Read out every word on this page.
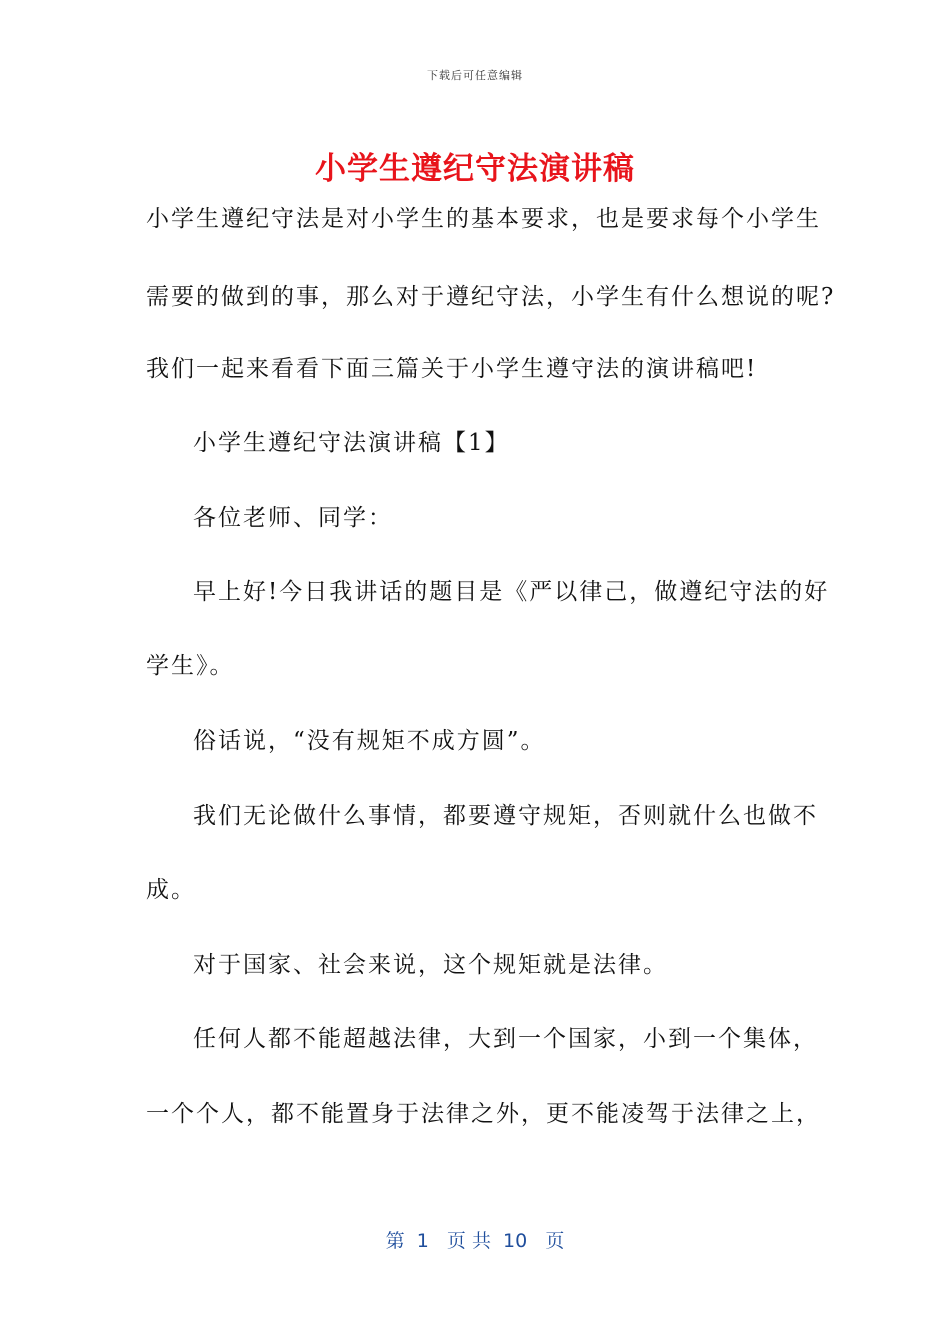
下载后可任意编辑
小学生遵纪守法演讲稿
小学生遵纪守法是对小学生的基本要求，也是要求每个小学生
需要的做到的事，那么对于遵纪守法，小学生有什么想说的呢?
我们一起来看看下面三篇关于小学生遵守法的演讲稿吧!
小学生遵纪守法演讲稿【1】
各位老师、同学：
早上好!今日我讲话的题目是《严以律己，做遵纪守法的好
学生》。
俗话说，“没有规矩不成方圆”。
我们无论做什么事情，都要遵守规矩，否则就什么也做不
成。
对于国家、社会来说，这个规矩就是法律。
任何人都不能超越法律，大到一个国家，小到一个集体，
一个个人，都不能置身于法律之外，更不能凌驾于法律之上，
第  1   页 共  10   页
